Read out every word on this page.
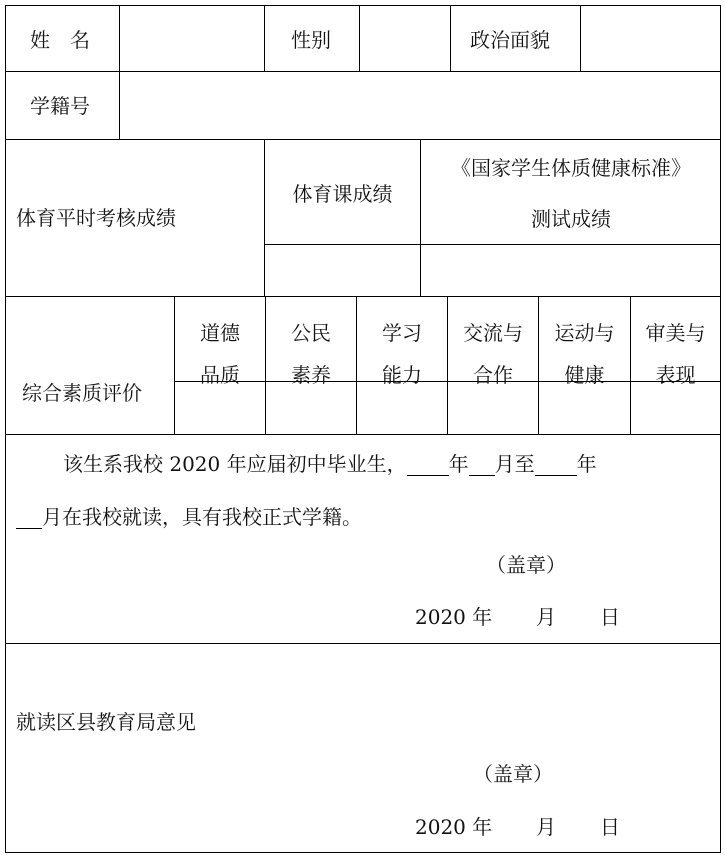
姓　名	性别	政治面貌
学籍号
体育平时考核成绩
体育课成绩
《国家学生体质健康标准》
测试成绩
综合素质评价
道德
品质
公民
素养
学习
能力
交流与
合作
运动与
健康
审美与
表现
该生系我校 2020 年应届初中毕业生， 年 月至 年
月在我校就读，具有我校正式学籍。
（盖章）
2020 年 月 日
就读区县教育局意见
（盖章）
2020 年 月 日
